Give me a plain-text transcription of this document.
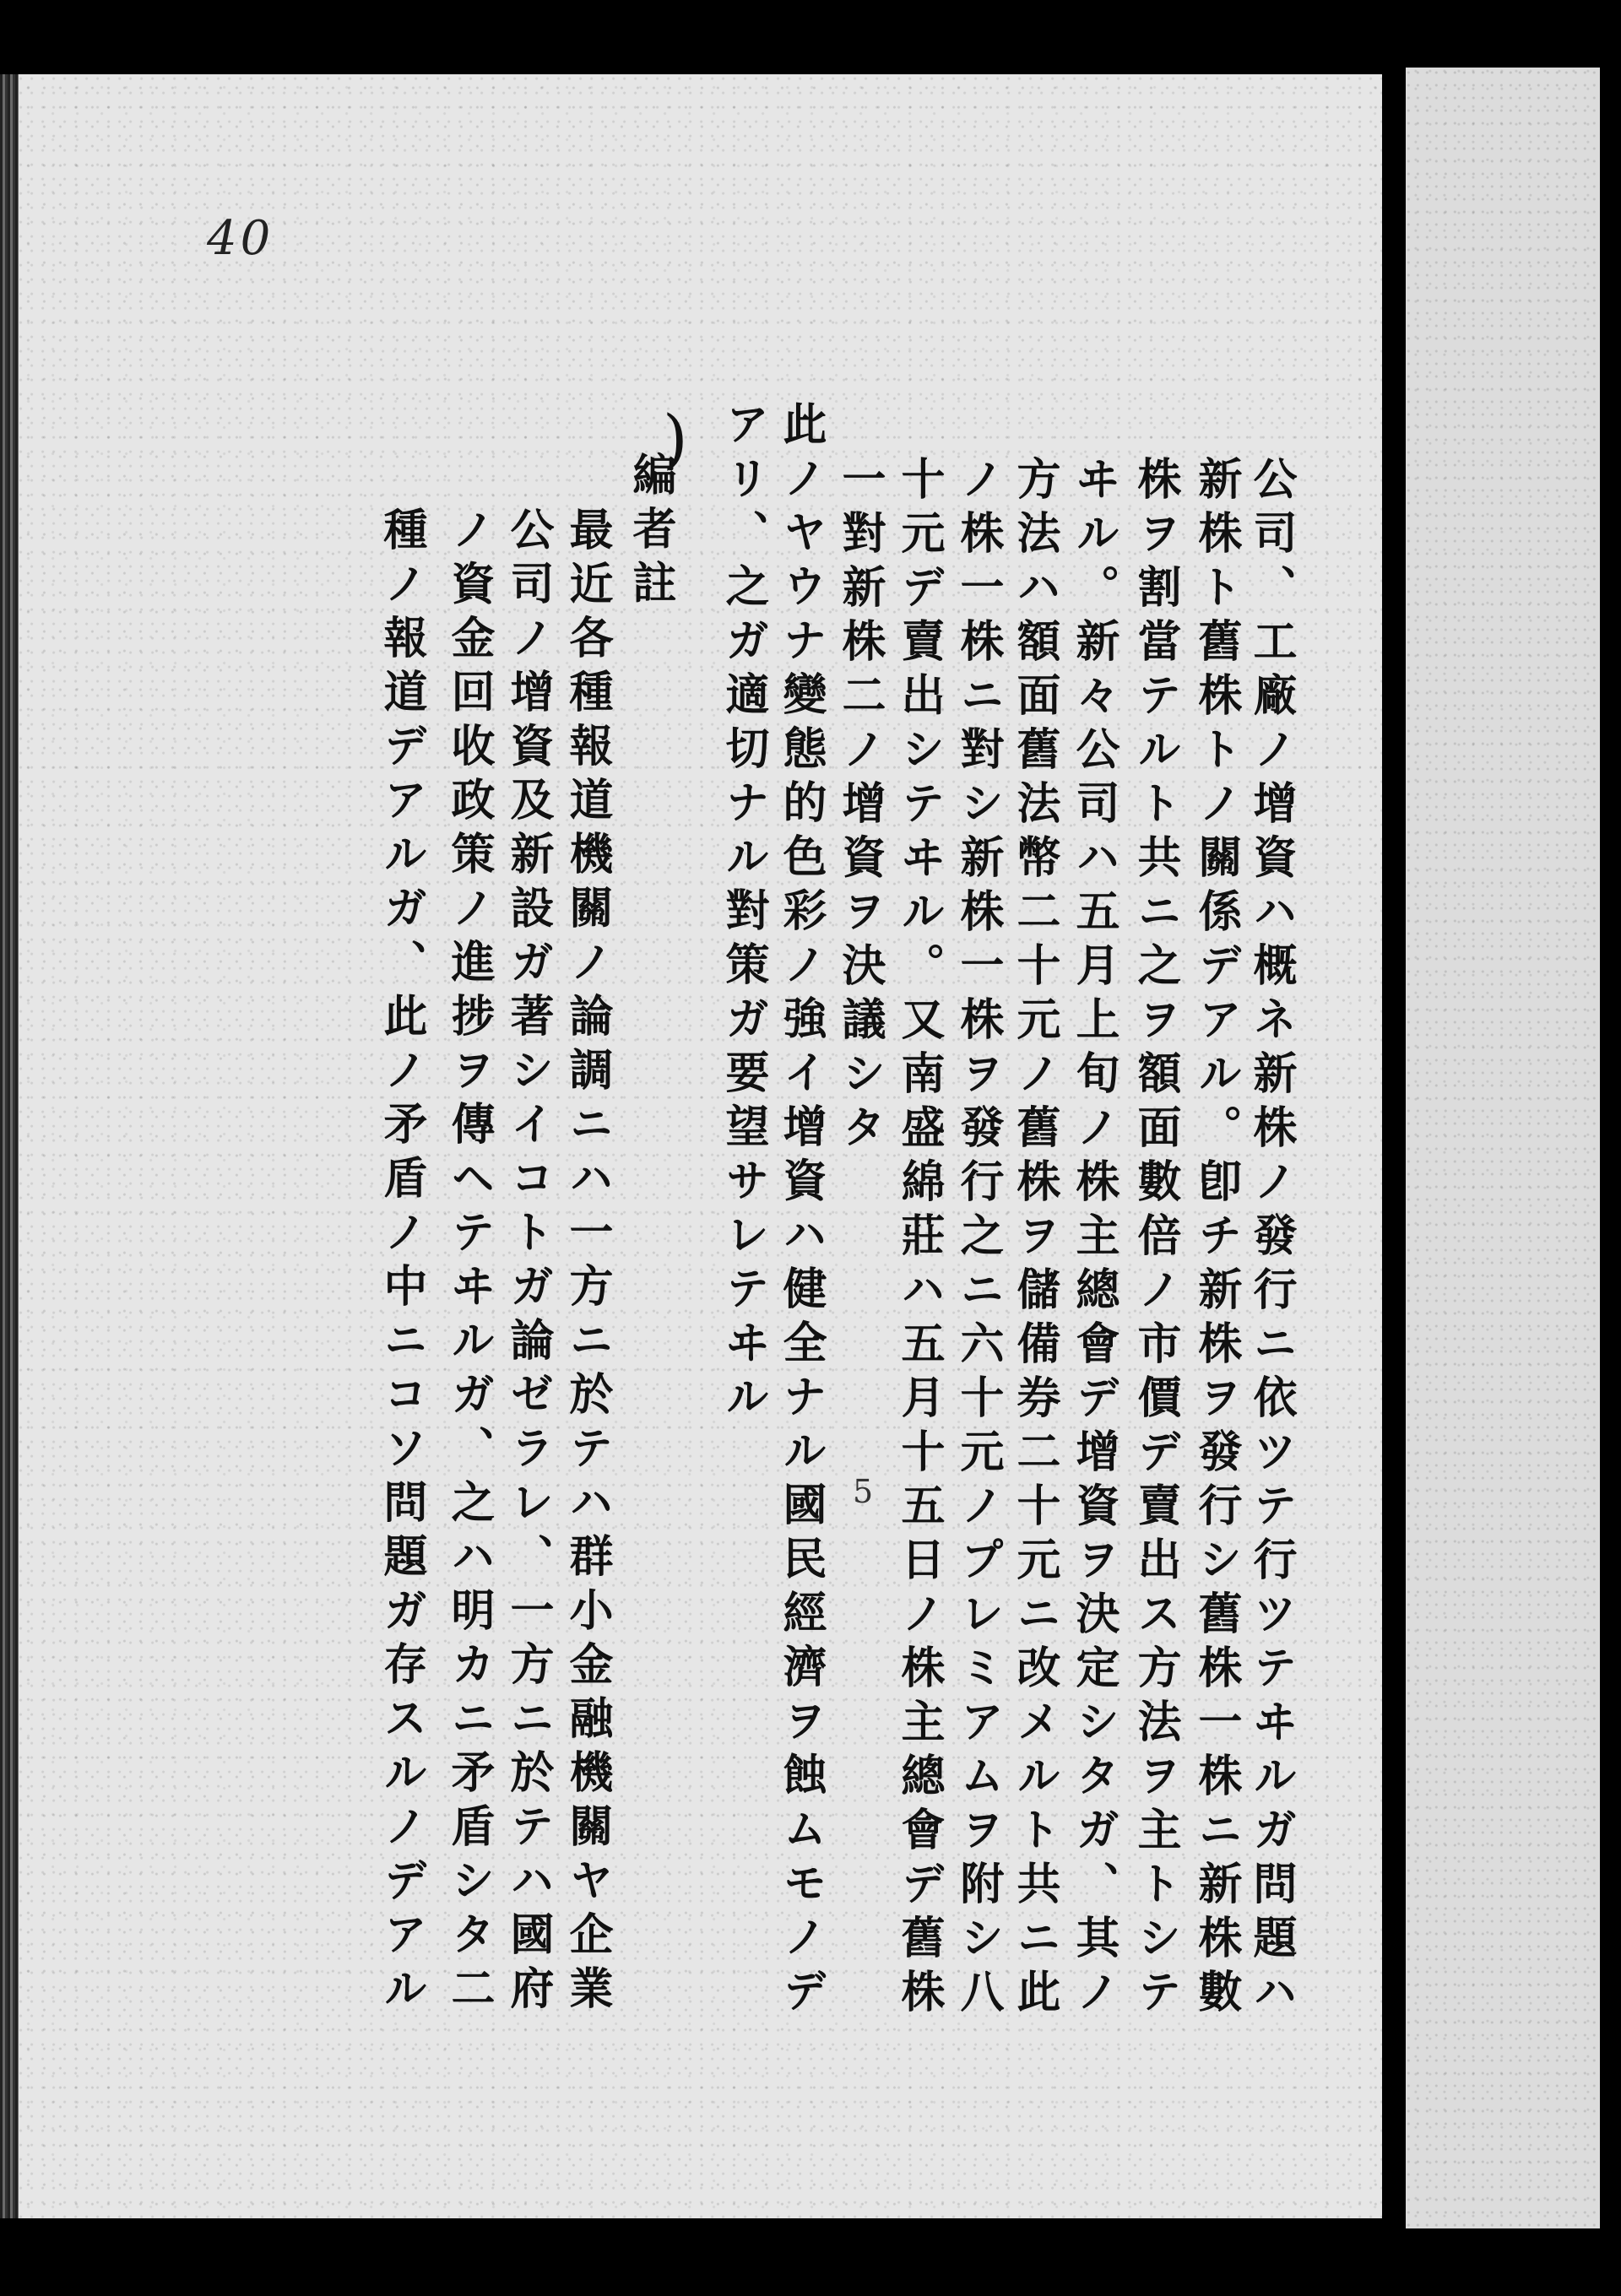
40
5
)
公司、工廠ノ增資ハ概ネ新株ノ發行ニ依ツテ行ツテヰルガ問題ハ
新株ト舊株トノ關係デアル。卽チ新株ヲ發行シ舊株一株ニ新株數
株ヲ割當テルト共ニ之ヲ額面數倍ノ市價デ賣出ス方法ヲ主トシテ
ヰル。新々公司ハ五月上旬ノ株主總會デ增資ヲ決定シタガ、其ノ
方法ハ額面舊法幣二十元ノ舊株ヲ儲備券二十元ニ改メルト共ニ此
ノ株一株ニ對シ新株一株ヲ發行之ニ六十元ノプレミアムヲ附シ八
十元デ賣出シテヰル。又南盛綿莊ハ五月十五日ノ株主總會デ舊株
一對新株二ノ增資ヲ決議シタ
此ノヤウナ變態的色彩ノ強イ增資ハ健全ナル國民經濟ヲ蝕ムモノデ
アリ、之ガ適切ナル對策ガ要望サレテヰル
編者註
最近各種報道機關ノ論調ニハ一方ニ於テハ群小金融機關ヤ企業
公司ノ增資及新設ガ著シイコトガ論ゼラレ、一方ニ於テハ國府
ノ資金回收政策ノ進捗ヲ傳ヘテヰルガ、之ハ明カニ矛盾シタ二
種ノ報道デアルガ、此ノ矛盾ノ中ニコソ問題ガ存スルノデアル
